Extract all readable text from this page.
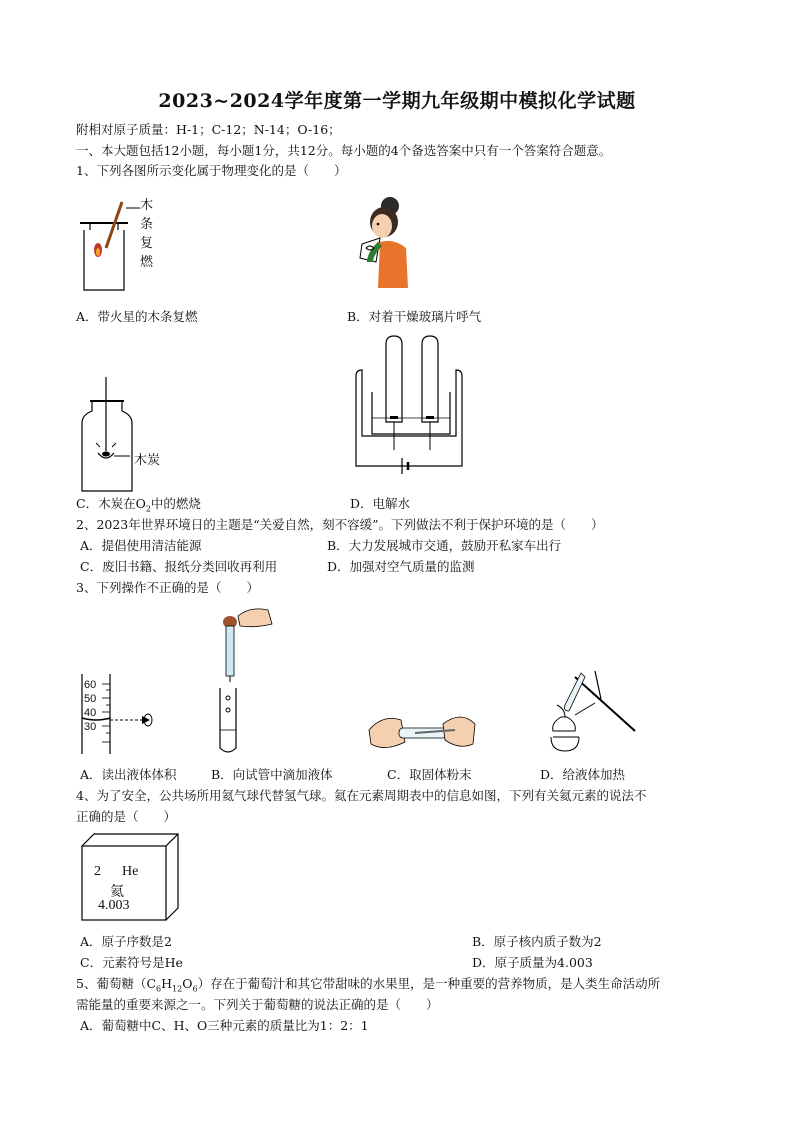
2023~2024学年度第一学期九年级期中模拟化学试题
附相对原子质量：H-1；C-12；N-14；O-16；
一、本大题包括12小题，每小题1分，共12分。每小题的4个备选答案中只有一个答案符合题意。
1、下列各图所示变化属于物理变化的是（　　）
木
条
复
燃
A．带火星的木条复燃	B．对着干燥玻璃片呼气
木炭
C．木炭在$O_2$中的燃烧	D．电解水
2、2023年世界环境日的主题是“关爱自然，刻不容缓”。下列做法不利于保护环境的是（　　）
A．提倡使用清洁能源	B．大力发展城市交通，鼓励开私家车出行
C．废旧书籍、报纸分类回收再利用	D．加强对空气质量的监测
3、下列操作不正确的是（　　）
60
50
40
30
A．读出液体体积	B．向试管中滴加液体	C．取固体粉末	D．给液体加热
4、为了安全，公共场所用氦气球代替氢气球。氦在元素周期表中的信息如图，下列有关氦元素的说法不
正确的是（　　）
2 He
氦
4.003
A．原子序数是2	B．原子核内质子数为2
C．元素符号是He	D．原子质量为4.003
5、葡萄糖$(C_6H_{12}O_6)$存在于葡萄汁和其它带甜味的水果里，是一种重要的营养物质，是人类生命活动所
需能量的重要来源之一。下列关于葡萄糖的说法正确的是（　　）
A．葡萄糖中C、H、O三种元素的质量比为1：2：1
